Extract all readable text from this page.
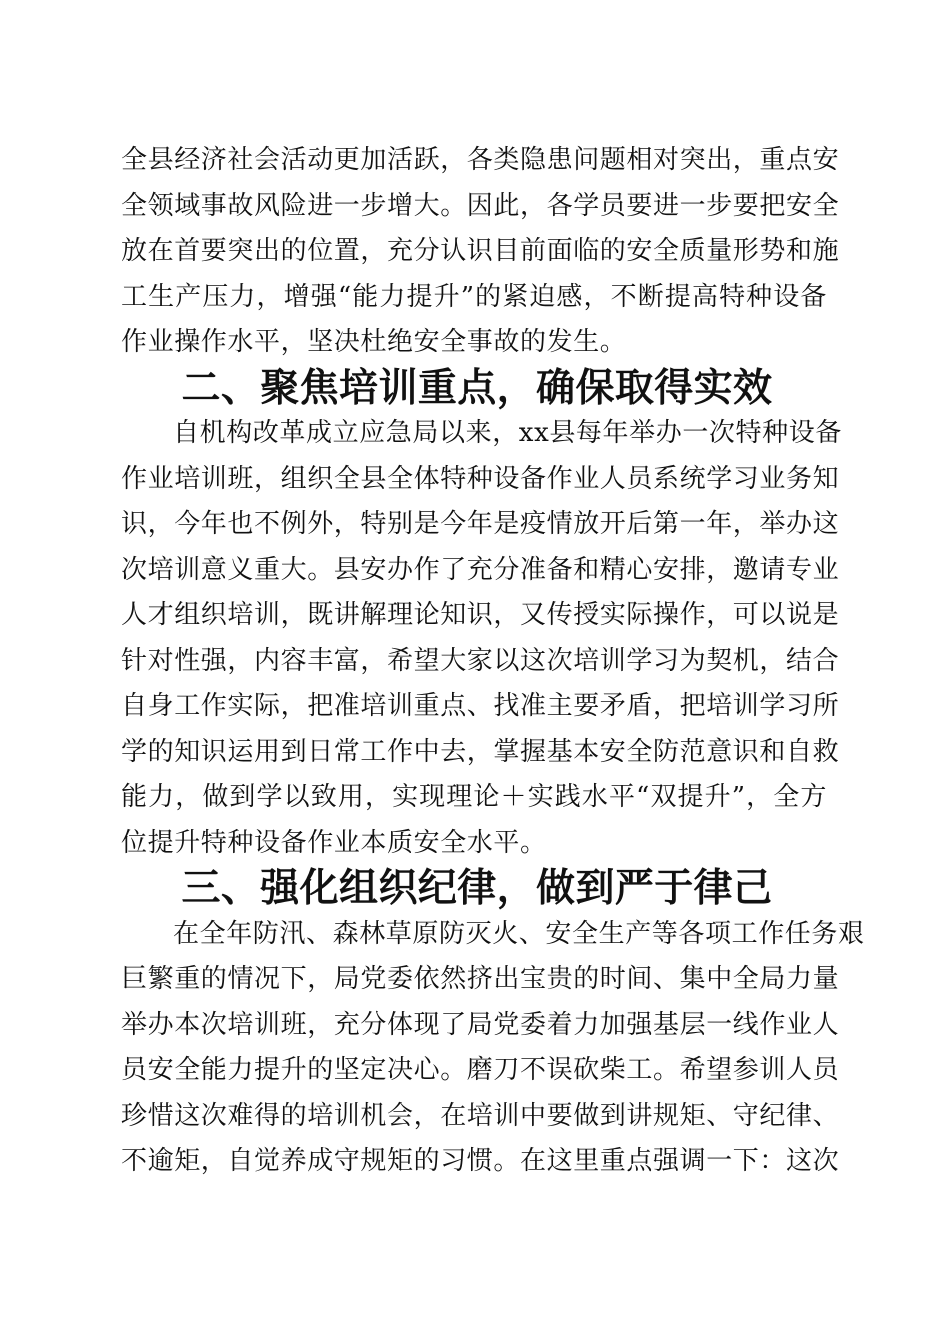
全县经济社会活动更加活跃，各类隐患问题相对突出，重点安
全领域事故风险进一步增大。因此，各学员要进一步要把安全
放在首要突出的位置，充分认识目前面临的安全质量形势和施
工生产压力，增强“能力提升”的紧迫感，不断提高特种设备
作业操作水平，坚决杜绝安全事故的发生。
二、聚焦培训重点，确保取得实效
自机构改革成立应急局以来，xx县每年举办一次特种设备
作业培训班，组织全县全体特种设备作业人员系统学习业务知
识，今年也不例外，特别是今年是疫情放开后第一年，举办这
次培训意义重大。县安办作了充分准备和精心安排，邀请专业
人才组织培训，既讲解理论知识，又传授实际操作，可以说是
针对性强，内容丰富，希望大家以这次培训学习为契机，结合
自身工作实际，把准培训重点、找准主要矛盾，把培训学习所
学的知识运用到日常工作中去，掌握基本安全防范意识和自救
能力，做到学以致用，实现理论＋实践水平“双提升”，全方
位提升特种设备作业本质安全水平。
三、强化组织纪律，做到严于律己
在全年防汛、森林草原防灭火、安全生产等各项工作任务艰
巨繁重的情况下，局党委依然挤出宝贵的时间、集中全局力量
举办本次培训班，充分体现了局党委着力加强基层一线作业人
员安全能力提升的坚定决心。磨刀不误砍柴工。希望参训人员
珍惜这次难得的培训机会，在培训中要做到讲规矩、守纪律、
不逾矩，自觉养成守规矩的习惯。在这里重点强调一下：这次
